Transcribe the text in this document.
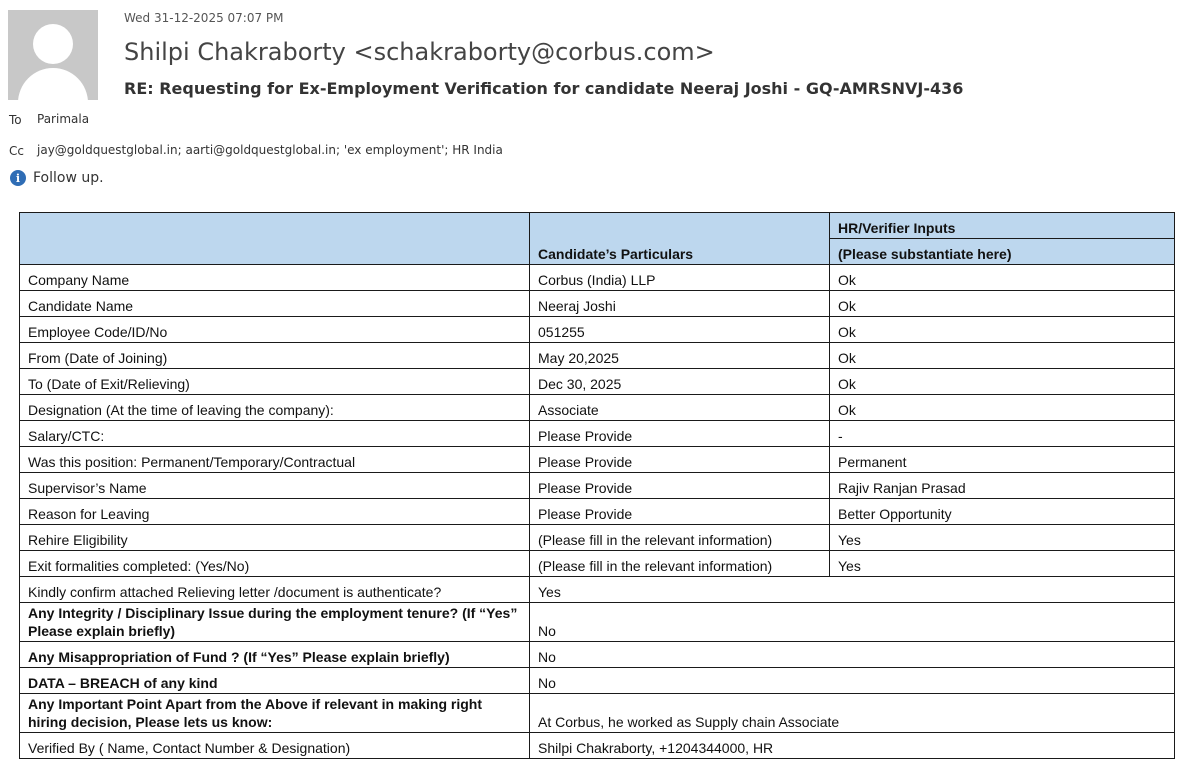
Wed 31-12-2025 07:07 PM
Shilpi Chakraborty <schakraborty@corbus.com>
RE: Requesting for Ex-Employment Verification for candidate Neeraj Joshi - GQ-AMRSNVJ-436
To Parimala
Cc jay@goldquestglobal.in; aarti@goldquestglobal.in; 'ex employment'; HR India
i Follow up.
	Candidate’s Particulars	HR/Verifier Inputs
		(Please substantiate here)
Company Name	Corbus (India) LLP	Ok
Candidate Name	Neeraj Joshi	Ok
Employee Code/ID/No	051255	Ok
From (Date of Joining)	May 20,2025	Ok
To (Date of Exit/Relieving)	Dec 30, 2025	Ok
Designation (At the time of leaving the company):	Associate	Ok
Salary/CTC:	Please Provide	-
Was this position: Permanent/Temporary/Contractual	Please Provide	Permanent
Supervisor’s Name	Please Provide	Rajiv Ranjan Prasad
Reason for Leaving	Please Provide	Better Opportunity
Rehire Eligibility	(Please fill in the relevant information)	Yes
Exit formalities completed: (Yes/No)	(Please fill in the relevant information)	Yes
Kindly confirm attached Relieving letter /document is authenticate?	Yes	
Any Integrity / Disciplinary Issue during the employment tenure? (If “Yes” Please explain briefly)	No	
Any Misappropriation of Fund ? (If “Yes” Please explain briefly)	No	
DATA – BREACH of any kind	No	
Any Important Point Apart from the Above if relevant in making right hiring decision, Please lets us know:	At Corbus, he worked as Supply chain Associate	
Verified By ( Name, Contact Number & Designation)	Shilpi Chakraborty, +1204344000, HR	
